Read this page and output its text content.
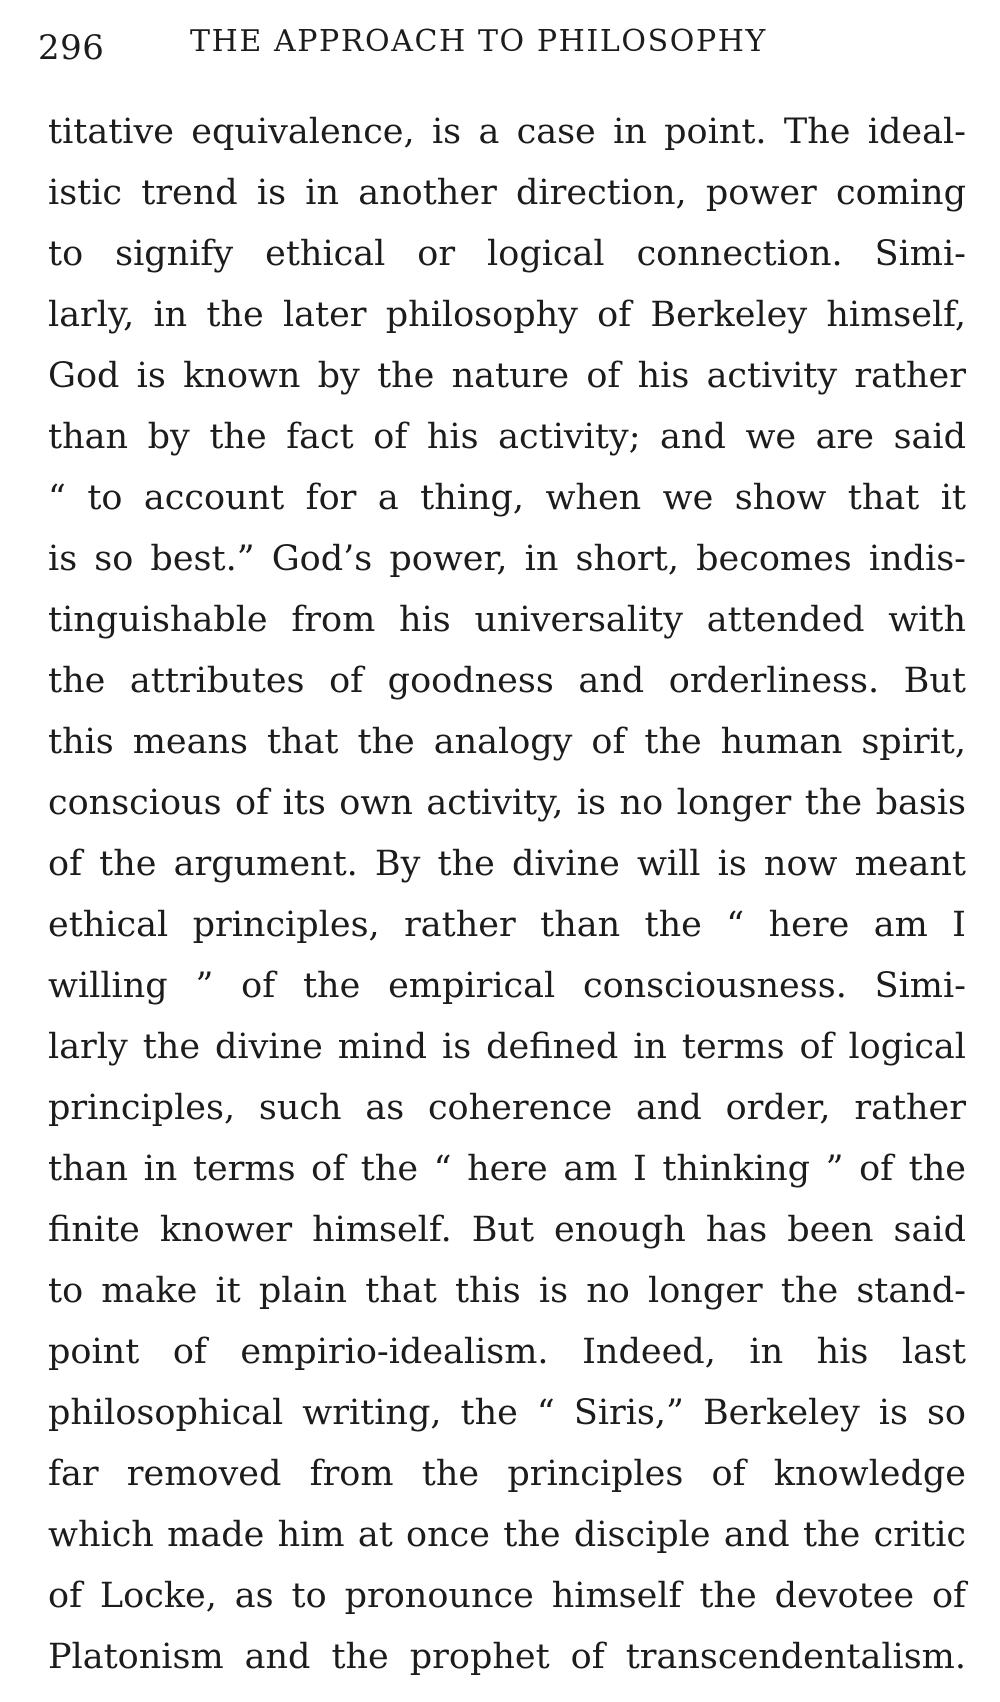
296	THE APPROACH TO PHILOSOPHY
titative equivalence, is a case in point. The ideal-
istic trend is in another direction, power coming
to signify ethical or logical connection. Simi-
larly, in the later philosophy of Berkeley himself,
God is known by the nature of his activity rather
than by the fact of his activity; and we are said
“ to account for a thing, when we show that it
is so best.” God’s power, in short, becomes indis-
tinguishable from his universality attended with
the attributes of goodness and orderliness. But
this means that the analogy of the human spirit,
conscious of its own activity, is no longer the basis
of the argument. By the divine will is now meant
ethical principles, rather than the “ here am I
willing ” of the empirical consciousness. Simi-
larly the divine mind is defined in terms of logical
principles, such as coherence and order, rather
than in terms of the “ here am I thinking ” of the
finite knower himself. But enough has been said
to make it plain that this is no longer the stand-
point of empirio-idealism. Indeed, in his last
philosophical writing, the “ Siris,” Berkeley is so
far removed from the principles of knowledge
which made him at once the disciple and the critic
of Locke, as to pronounce himself the devotee of
Platonism and the prophet of transcendentalism.
